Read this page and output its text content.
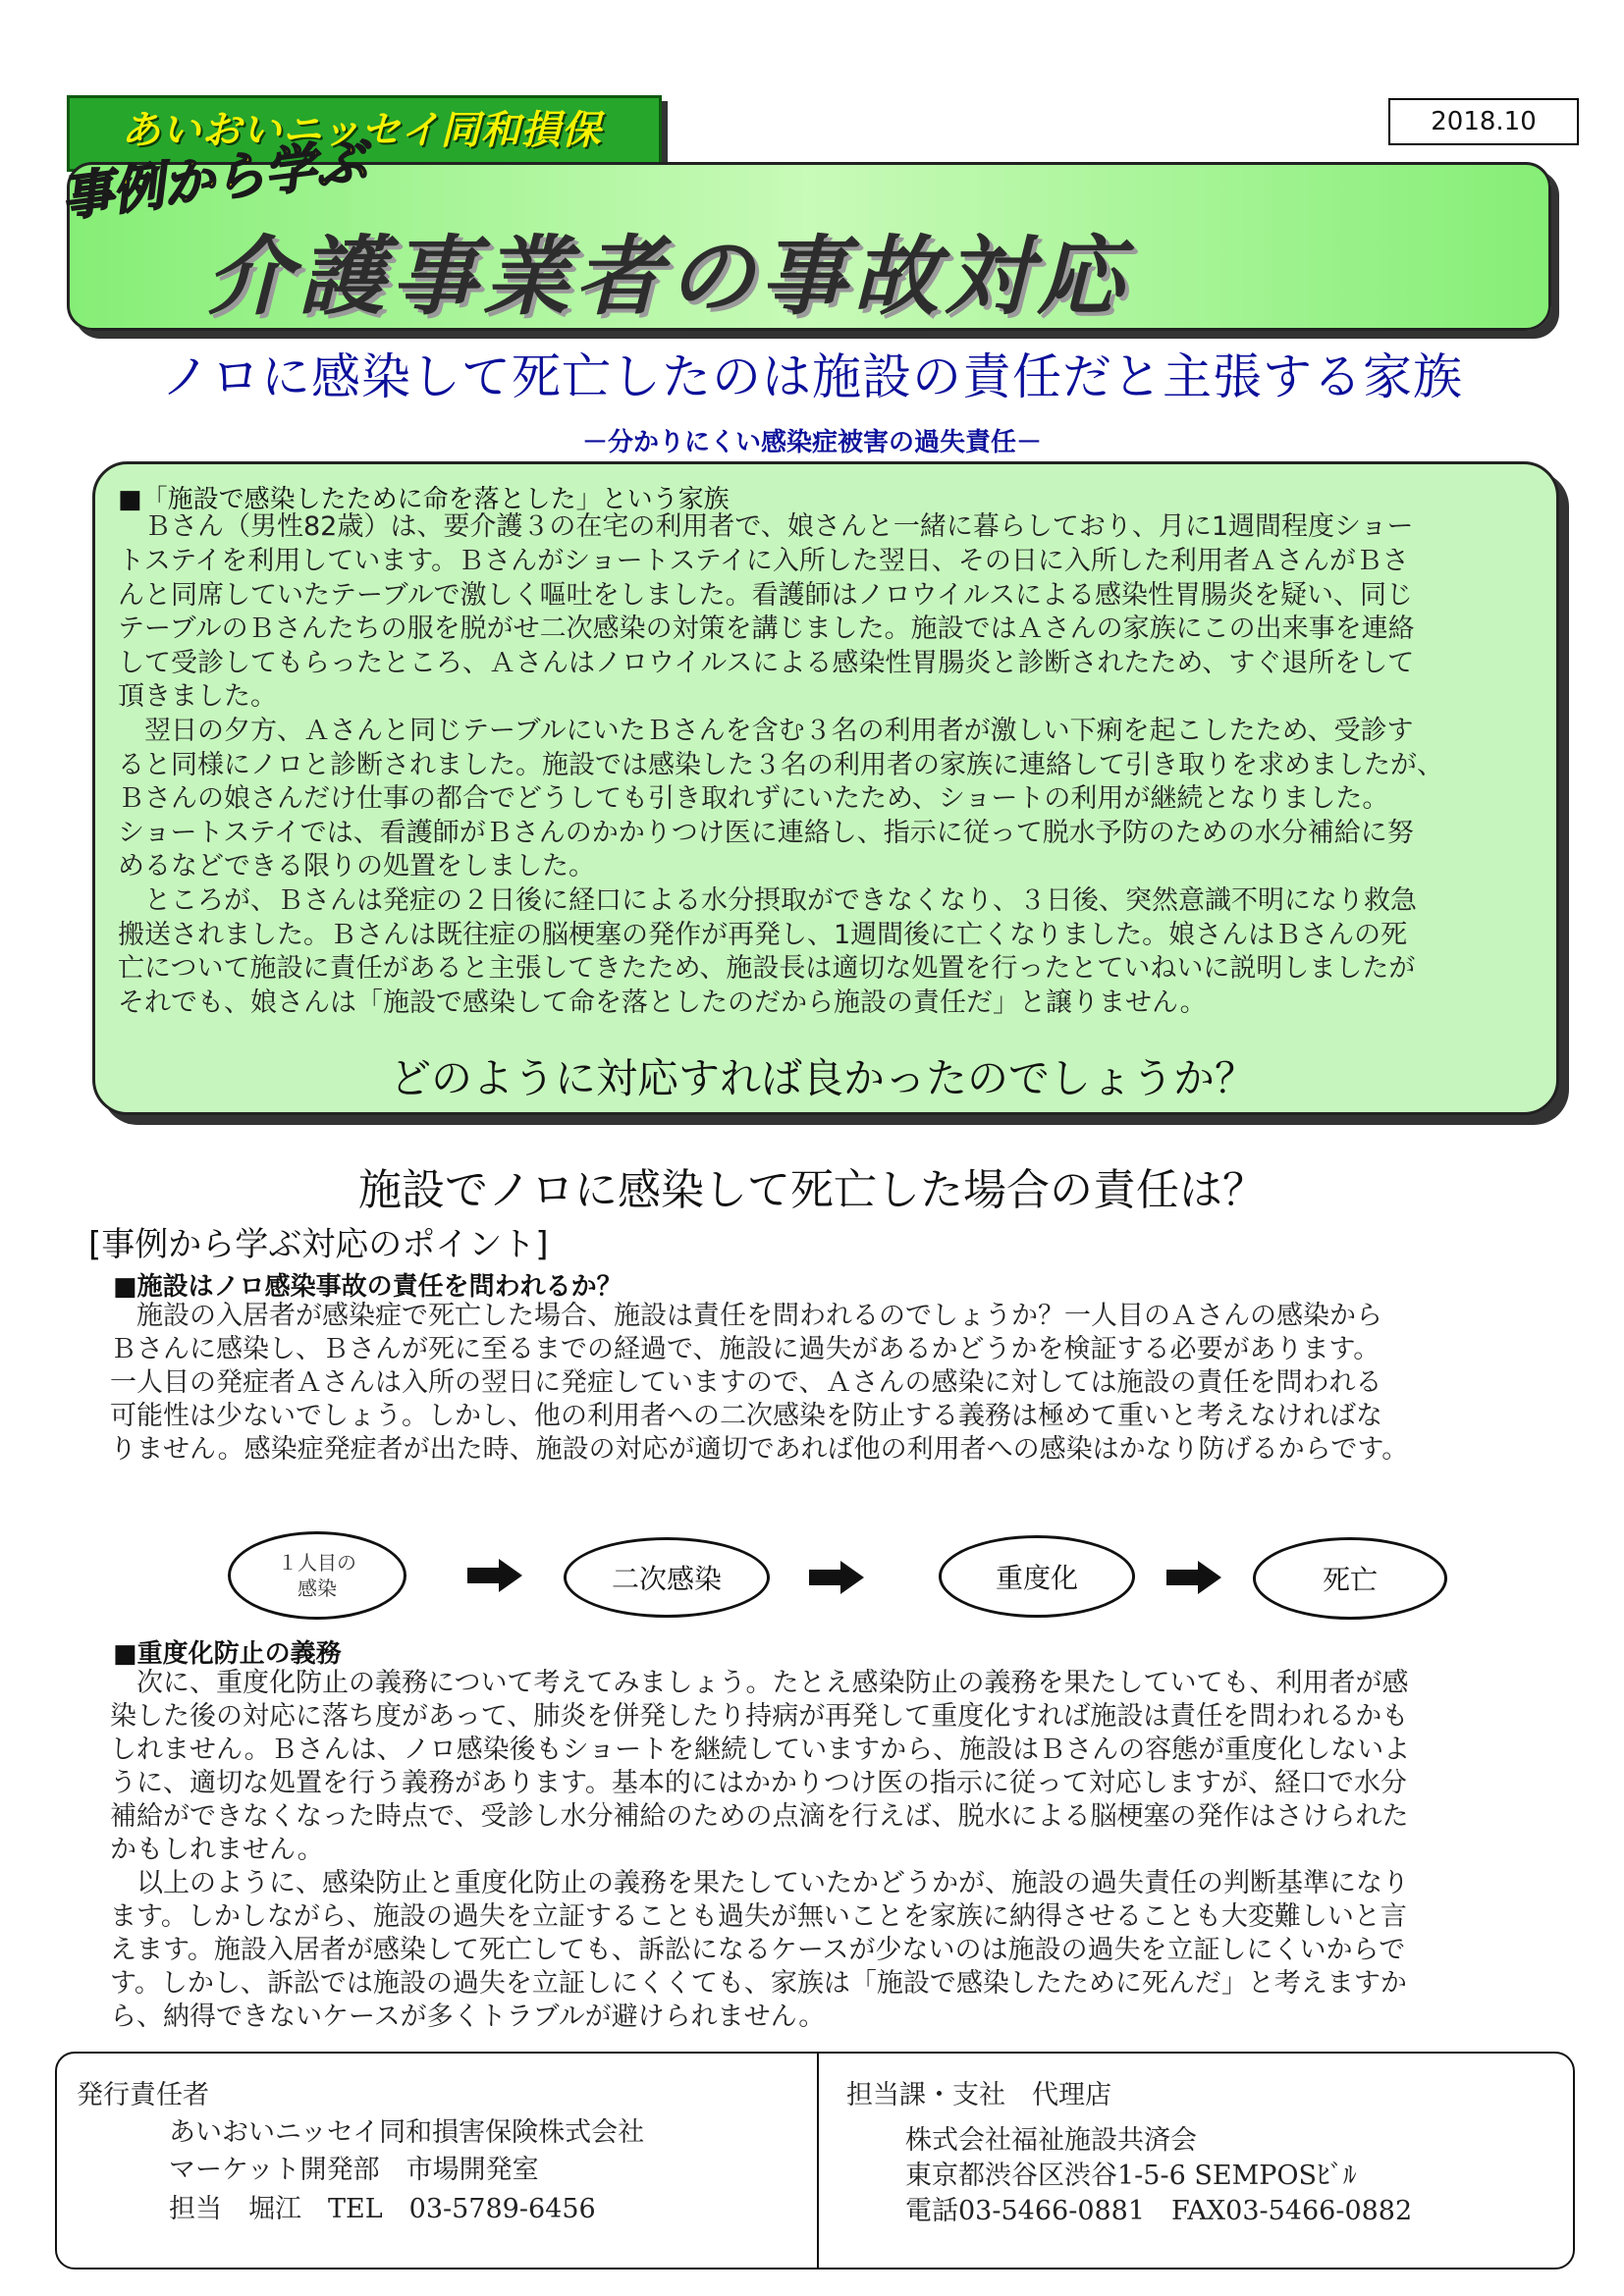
あいおいニッセイ同和損保	2018.10
事例から学ぶ
介護事業者の事故対応
ノロに感染して死亡したのは施設の責任だと主張する家族
－分かりにくい感染症被害の過失責任－
■「施設で感染したために命を落とした」という家族
　Ｂさん（男性82歳）は、要介護３の在宅の利用者で、娘さんと一緒に暮らしており、月に1週間程度ショー
トステイを利用しています。Ｂさんがショートステイに入所した翌日、その日に入所した利用者ＡさんがＢさ
んと同席していたテーブルで激しく嘔吐をしました。看護師はノロウイルスによる感染性胃腸炎を疑い、同じ
テーブルのＢさんたちの服を脱がせ二次感染の対策を講じました。施設ではＡさんの家族にこの出来事を連絡
して受診してもらったところ、Ａさんはノロウイルスによる感染性胃腸炎と診断されたため、すぐ退所をして
頂きました。
　翌日の夕方、Ａさんと同じテーブルにいたＢさんを含む３名の利用者が激しい下痢を起こしたため、受診す
ると同様にノロと診断されました。施設では感染した３名の利用者の家族に連絡して引き取りを求めましたが、
Ｂさんの娘さんだけ仕事の都合でどうしても引き取れずにいたため、ショートの利用が継続となりました。
ショートステイでは、看護師がＢさんのかかりつけ医に連絡し、指示に従って脱水予防のための水分補給に努
めるなどできる限りの処置をしました。
　ところが、Ｂさんは発症の２日後に経口による水分摂取ができなくなり、３日後、突然意識不明になり救急
搬送されました。Ｂさんは既往症の脳梗塞の発作が再発し、1週間後に亡くなりました。娘さんはＢさんの死
亡について施設に責任があると主張してきたため、施設長は適切な処置を行ったとていねいに説明しましたが
それでも、娘さんは「施設で感染して命を落としたのだから施設の責任だ」と譲りません。
どのように対応すれば良かったのでしょうか？
施設でノロに感染して死亡した場合の責任は？
[事例から学ぶ対応のポイント]
■施設はノロ感染事故の責任を問われるか？
　施設の入居者が感染症で死亡した場合、施設は責任を問われるのでしょうか？一人目のＡさんの感染から
Ｂさんに感染し、Ｂさんが死に至るまでの経過で、施設に過失があるかどうかを検証する必要があります。
一人目の発症者Ａさんは入所の翌日に発症していますので、Ａさんの感染に対しては施設の責任を問われる
可能性は少ないでしょう。しかし、他の利用者への二次感染を防止する義務は極めて重いと考えなければな
りません。感染症発症者が出た時、施設の対応が適切であれば他の利用者への感染はかなり防げるからです。
１人目の
感染	二次感染	重度化	死亡
■重度化防止の義務
　次に、重度化防止の義務について考えてみましょう。たとえ感染防止の義務を果たしていても、利用者が感
染した後の対応に落ち度があって、肺炎を併発したり持病が再発して重度化すれば施設は責任を問われるかも
しれません。Ｂさんは、ノロ感染後もショートを継続していますから、施設はＢさんの容態が重度化しないよ
うに、適切な処置を行う義務があります。基本的にはかかりつけ医の指示に従って対応しますが、経口で水分
補給ができなくなった時点で、受診し水分補給のための点滴を行えば、脱水による脳梗塞の発作はさけられた
かもしれません。
　以上のように、感染防止と重度化防止の義務を果たしていたかどうかが、施設の過失責任の判断基準になり
ます。しかしながら、施設の過失を立証することも過失が無いことを家族に納得させることも大変難しいと言
えます。施設入居者が感染して死亡しても、訴訟になるケースが少ないのは施設の過失を立証しにくいからで
す。しかし、訴訟では施設の過失を立証しにくくても、家族は「施設で感染したために死んだ」と考えますか
ら、納得できないケースが多くトラブルが避けられません。
発行責任者
あいおいニッセイ同和損害保険株式会社
マーケット開発部　市場開発室
担当　堀江　TEL　03-5789-6456
担当課・支社　代理店
株式会社福祉施設共済会
東京都渋谷区渋谷1-5-6 SEMPOSﾋﾞﾙ
電話03-5466-0881　FAX03-5466-0882
